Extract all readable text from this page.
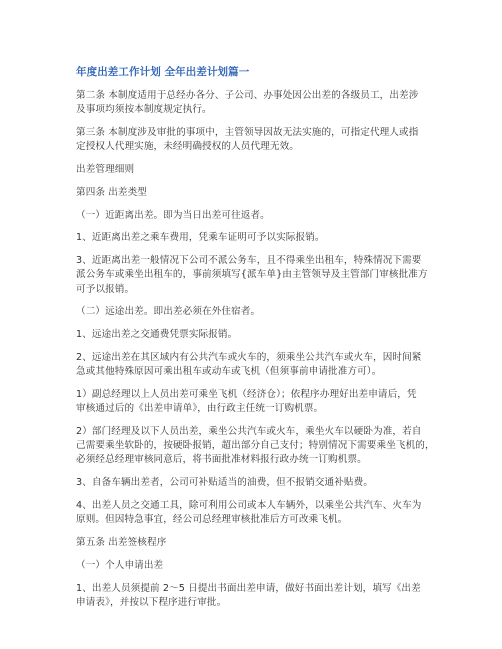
年度出差工作计划 全年出差计划篇一

第二条 本制度适用于总经办各分、子公司、办事处因公出差的各级员工，出差涉

及事项均须按本制度规定执行。

第三条 本制度涉及审批的事项中，主管领导因故无法实施的，可指定代理人或指

定授权人代理实施，未经明确授权的人员代理无效。

出差管理细则

第四条 出差类型

（一）近距离出差。即为当日出差可往返者。

1、近距离出差之乘车费用，凭乘车证明可予以实际报销。

3、近距离出差一般情况下公司不派公务车，且不得乘坐出租车，特殊情况下需要

派公务车或乘坐出租车的，事前须填写{派车单}由主管领导及主管部门审核批准方

可予以报销。

（二）远途出差。即出差必须在外住宿者。

1、远途出差之交通费凭票实际报销。

2、远途出差在其区域内有公共汽车或火车的，须乘坐公共汽车或火车，因时间紧

急或其他特殊原因可乘出租车或动车或飞机（但须事前申请批准方可）。

1）副总经理以上人员出差可乘坐飞机（经济仓）；依程序办理好出差申请后，凭

审核通过后的《出差申请单》，由行政主任统一订购机票。

2）部门经理及以下人员出差，乘坐公共汽车或火车，乘坐火车以硬卧为准，若自

己需要乘坐软卧的，按硬卧报销，超出部分自己支付；特别情况下需要乘坐飞机的，

必须经总经理审核同意后，将书面批准材料报行政办统一订购机票。

3、自备车辆出差者，公司可补贴适当的油费，但不报销交通补贴费。

4、出差人员之交通工具，除可利用公司或本人车辆外，以乘坐公共汽车、火车为

原则。但因特急事宜，经公司总经理审核批准后方可改乘飞机。

第五条 出差签核程序

（一）个人申请出差

1、出差人员须提前 2～5 日提出书面出差申请，做好书面出差计划，填写《出差

申请表》，并按以下程序进行审批。
